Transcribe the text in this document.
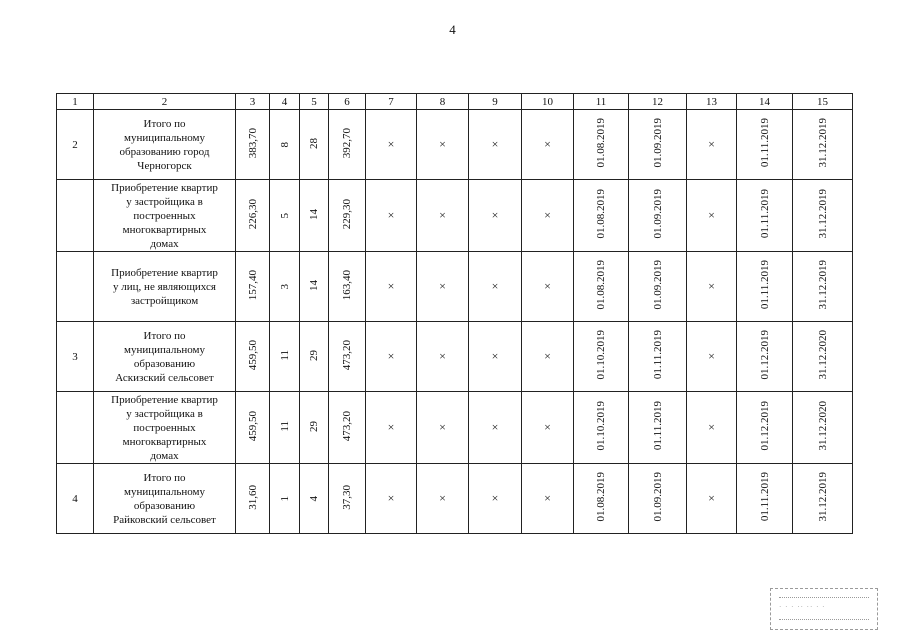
4
1	2	3	4	5	6	7	8	9	10	11	12	13	14	15
2	Итого по
муниципальному
образованию город
Черногорск	383,70	8	28	392,70	×	×	×	×	01.08.2019	01.09.2019	×	01.11.2019	31.12.2019
	Приобретение квартир
у застройщика в
построенных
многоквартирных
домах	226,30	5	14	229,30	×	×	×	×	01.08.2019	01.09.2019	×	01.11.2019	31.12.2019
	Приобретение квартир
у лиц, не являющихся
застройщиком	157,40	3	14	163,40	×	×	×	×	01.08.2019	01.09.2019	×	01.11.2019	31.12.2019
3	Итого по
муниципальному
образованию
Аскизский сельсовет	459,50	11	29	473,20	×	×	×	×	01.10.2019	01.11.2019	×	01.12.2019	31.12.2020
	Приобретение квартир
у застройщика в
построенных
многоквартирных
домах	459,50	11	29	473,20	×	×	×	×	01.10.2019	01.11.2019	×	01.12.2019	31.12.2020
4	Итого по
муниципальному
образованию
Райковский сельсовет	31,60	1	4	37,30	×	×	×	×	01.08.2019	01.09.2019	×	01.11.2019	31.12.2019
· · · ·· ·· · ·
